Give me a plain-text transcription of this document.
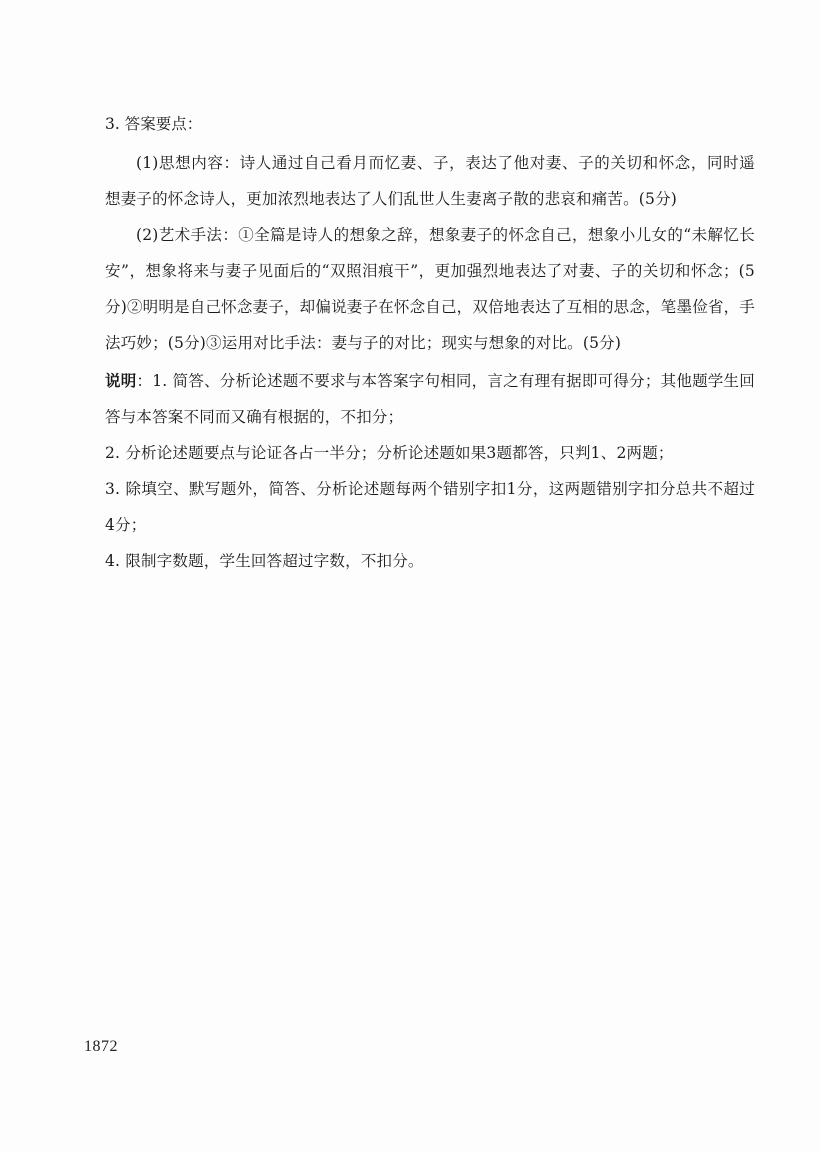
3. 答案要点：

(1)思想内容：诗人通过自己看月而忆妻、子，表达了他对妻、子的关切和怀念，同时遥想妻子的怀念诗人，更加浓烈地表达了人们乱世人生妻离子散的悲哀和痛苦。(5分)

(2)艺术手法：①全篇是诗人的想象之辞，想象妻子的怀念自己，想象小儿女的“未解忆长安”，想象将来与妻子见面后的“双照泪痕干”，更加强烈地表达了对妻、子的关切和怀念；(5分)②明明是自己怀念妻子，却偏说妻子在怀念自己，双倍地表达了互相的思念，笔墨俭省，手法巧妙；(5分)③运用对比手法：妻与子的对比；现实与想象的对比。(5分)

说明：1. 简答、分析论述题不要求与本答案字句相同，言之有理有据即可得分；其他题学生回答与本答案不同而又确有根据的，不扣分；

2. 分析论述题要点与论证各占一半分；分析论述题如果3题都答，只判1、2两题；

3. 除填空、默写题外，简答、分析论述题每两个错别字扣1分，这两题错别字扣分总共不超过4分；

4. 限制字数题，学生回答超过字数，不扣分。

1872
